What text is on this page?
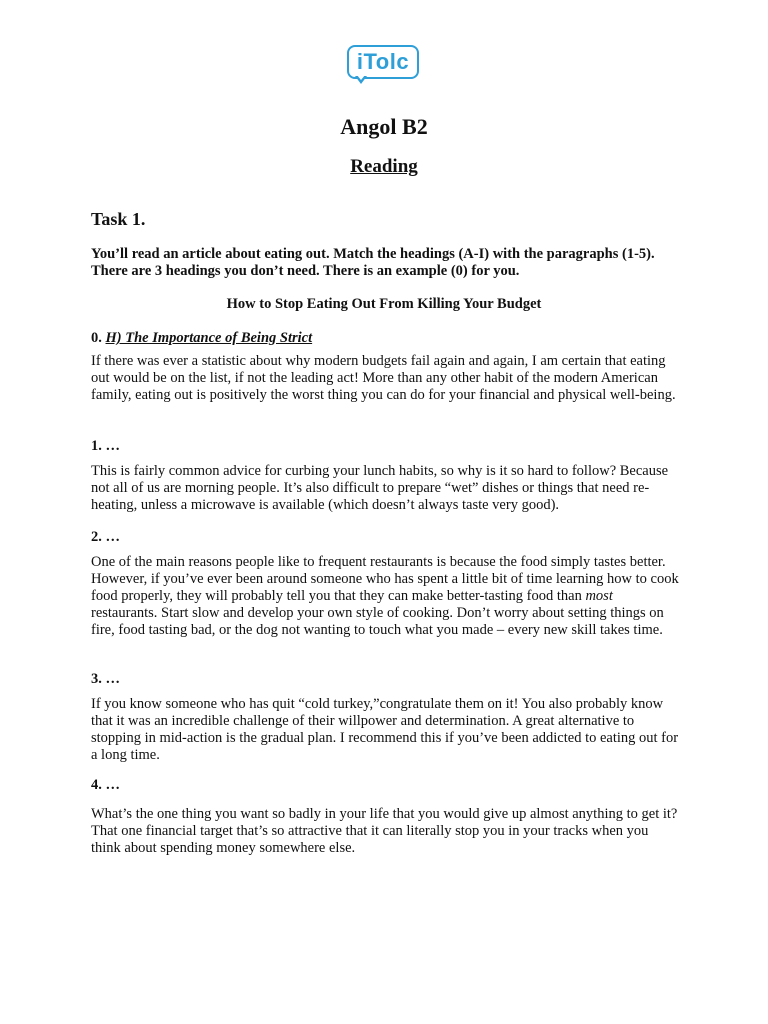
iTolc
Angol B2
Reading
Task 1.

You’ll read an article about eating out. Match the headings (A-I) with the paragraphs (1-5). There are 3 headings you don’t need. There is an example (0) for you.

How to Stop Eating Out From Killing Your Budget

0. H) The Importance of Being Strict

If there was ever a statistic about why modern budgets fail again and again, I am certain that eating out would be on the list, if not the leading act! More than any other habit of the modern American family, eating out is positively the worst thing you can do for your financial and physical well-being.

1. …

This is fairly common advice for curbing your lunch habits, so why is it so hard to follow? Because not all of us are morning people. It’s also difficult to prepare “wet” dishes or things that need re-heating, unless a microwave is available (which doesn’t always taste very good).

2. …

One of the main reasons people like to frequent restaurants is because the food simply tastes better. However, if you’ve ever been around someone who has spent a little bit of time learning how to cook food properly, they will probably tell you that they can make better-tasting food than most restaurants. Start slow and develop your own style of cooking. Don’t worry about setting things on fire, food tasting bad, or the dog not wanting to touch what you made – every new skill takes time.

3. …

If you know someone who has quit “cold turkey,”congratulate them on it! You also probably know that it was an incredible challenge of their willpower and determination. A great alternative to stopping in mid-action is the gradual plan. I recommend this if you’ve been addicted to eating out for a long time.

4. …

What’s the one thing you want so badly in your life that you would give up almost anything to get it? That one financial target that’s so attractive that it can literally stop you in your tracks when you think about spending money somewhere else.
